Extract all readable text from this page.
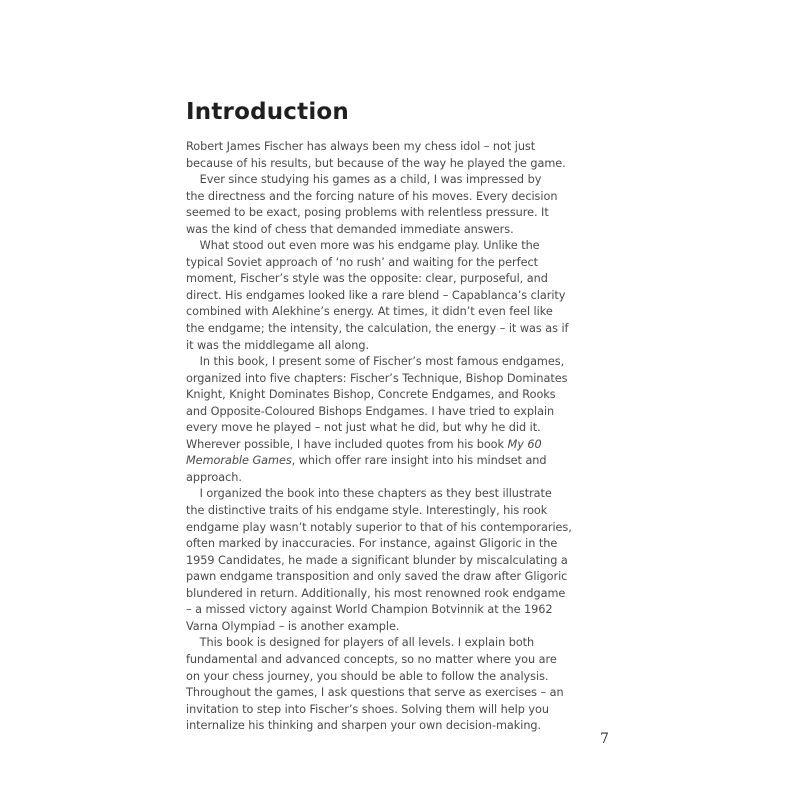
Introduction
Robert James Fischer has always been my chess idol – not just
because of his results, but because of the way he played the game.
Ever since studying his games as a child, I was impressed by
the directness and the forcing nature of his moves. Every decision
seemed to be exact, posing problems with relentless pressure. It
was the kind of chess that demanded immediate answers.
What stood out even more was his endgame play. Unlike the
typical Soviet approach of ‘no rush’ and waiting for the perfect
moment, Fischer’s style was the opposite: clear, purposeful, and
direct. His endgames looked like a rare blend – Capablanca’s clarity
combined with Alekhine’s energy. At times, it didn’t even feel like
the endgame; the intensity, the calculation, the energy – it was as if
it was the middlegame all along.
In this book, I present some of Fischer’s most famous endgames,
organized into five chapters: Fischer’s Technique, Bishop Dominates
Knight, Knight Dominates Bishop, Concrete Endgames, and Rooks
and Opposite-Coloured Bishops Endgames. I have tried to explain
every move he played – not just what he did, but why he did it.
Wherever possible, I have included quotes from his book My 60
Memorable Games, which offer rare insight into his mindset and
approach.
I organized the book into these chapters as they best illustrate
the distinctive traits of his endgame style. Interestingly, his rook
endgame play wasn’t notably superior to that of his contemporaries,
often marked by inaccuracies. For instance, against Gligoric in the
1959 Candidates, he made a significant blunder by miscalculating a
pawn endgame transposition and only saved the draw after Gligoric
blundered in return. Additionally, his most renowned rook endgame
– a missed victory against World Champion Botvinnik at the 1962
Varna Olympiad – is another example.
This book is designed for players of all levels. I explain both
fundamental and advanced concepts, so no matter where you are
on your chess journey, you should be able to follow the analysis.
Throughout the games, I ask questions that serve as exercises – an
invitation to step into Fischer’s shoes. Solving them will help you
internalize his thinking and sharpen your own decision-making.
7
